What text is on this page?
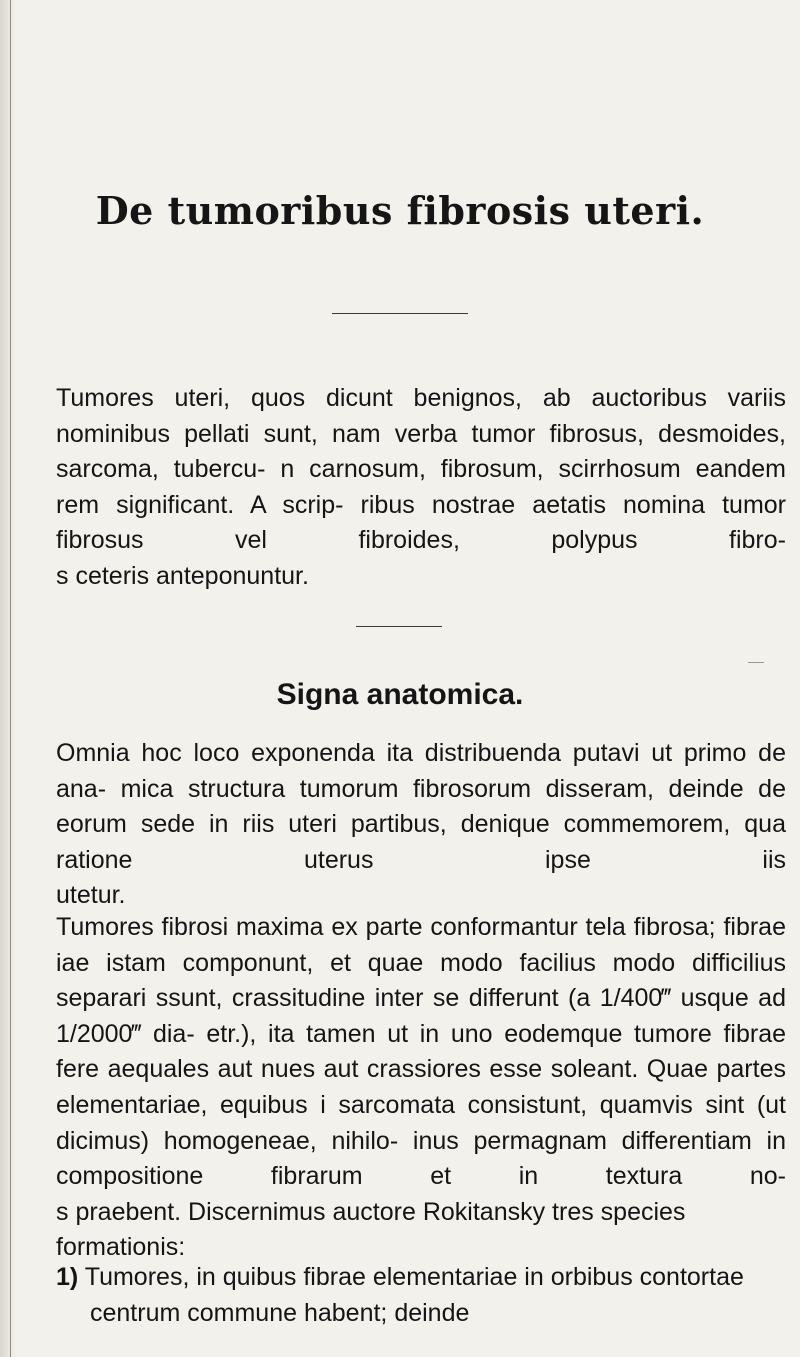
De tumoribus fibrosis uteri.

Tumores uteri, quos dicunt benignos, ab auctoribus variis nominibus pellati sunt, nam verba tumor fibrosus, desmoides, sarcoma, tubercu- n carnosum, fibrosum, scirrhosum eandem rem significant. A scrip- ribus nostrae aetatis nomina tumor fibrosus vel fibroides, polypus fibro-
s ceteris anteponuntur.

Signa anatomica.

Omnia hoc loco exponenda ita distribuenda putavi ut primo de ana- mica structura tumorum fibrosorum disseram, deinde de eorum sede in riis uteri partibus, denique commemorem, qua ratione uterus ipse iis
utetur.

Tumores fibrosi maxima ex parte conformantur tela fibrosa; fibrae iae istam componunt, et quae modo facilius modo difficilius separari ssunt, crassitudine inter se differunt (a 1/400‴ usque ad 1/2000‴ dia- etr.), ita tamen ut in uno eodemque tumore fibrae fere aequales aut nues aut crassiores esse soleant. Quae partes elementariae, equibus i sarcomata consistunt, quamvis sint (ut dicimus) homogeneae, nihilo- inus permagnam differentiam in compositione fibrarum et in textura no-
s praebent. Discernimus auctore Rokitansky tres species formationis:

1) Tumores, in quibus fibrae elementariae in orbibus contortae
centrum commune habent; deinde
